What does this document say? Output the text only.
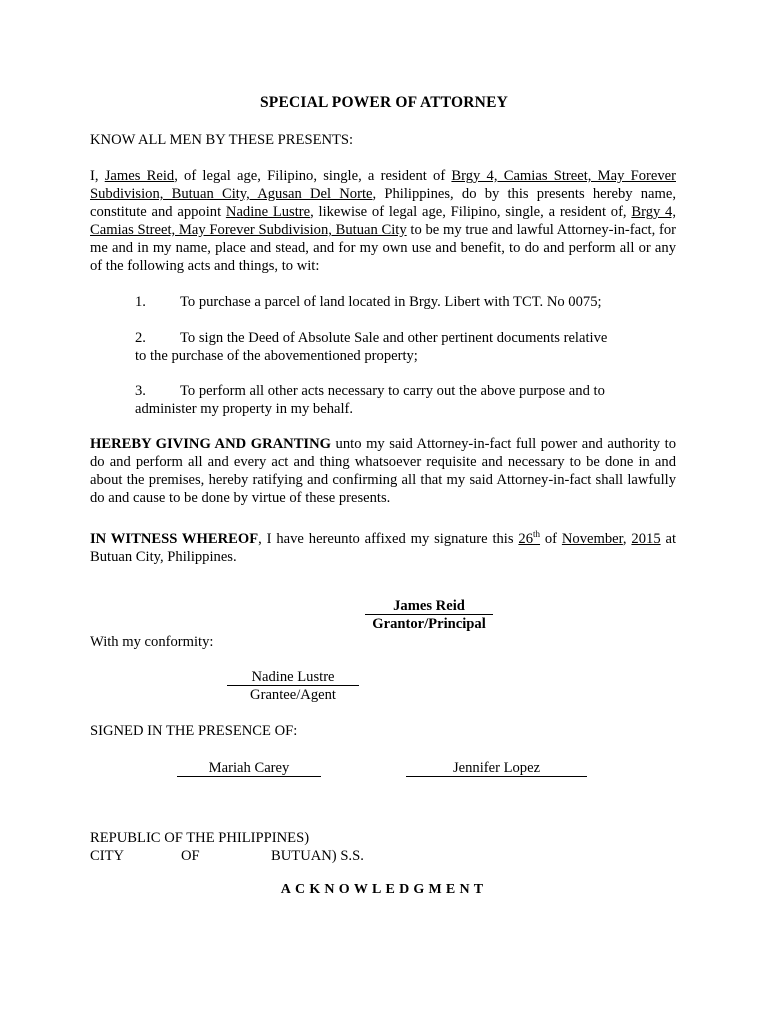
SPECIAL POWER OF ATTORNEY
KNOW ALL MEN BY THESE PRESENTS:
I, James Reid, of legal age, Filipino, single, a resident of Brgy 4, Camias Street, May Forever Subdivision, Butuan City, Agusan Del Norte, Philippines, do by this presents hereby name, constitute and appoint Nadine Lustre, likewise of legal age, Filipino, single, a resident of, Brgy 4, Camias Street, May Forever Subdivision, Butuan City to be my true and lawful Attorney-in-fact, for me and in my name, place and stead, and for my own use and benefit, to do and perform all or any of the following acts and things, to wit:
1. To purchase a parcel of land located in Brgy. Libert with TCT. No 0075;
2. To sign the Deed of Absolute Sale and other pertinent documents relative
to the purchase of the abovementioned property;
3. To perform all other acts necessary to carry out the above purpose and to
administer my property in my behalf.
HEREBY GIVING AND GRANTING unto my said Attorney-in-fact full power and authority to do and perform all and every act and thing whatsoever requisite and necessary to be done in and about the premises, hereby ratifying and confirming all that my said Attorney-in-fact shall lawfully do and cause to be done by virtue of these presents.
IN WITNESS WHEREOF, I have hereunto affixed my signature this 26th of November, 2015 at Butuan City, Philippines.
James Reid
Grantor/Principal
With my conformity:
Nadine Lustre
Grantee/Agent
SIGNED IN THE PRESENCE OF:
Mariah Carey	Jennifer Lopez
REPUBLIC OF THE PHILIPPINES)
CITY	OF	BUTUAN) S.S.
ACKNOWLEDGMENT
